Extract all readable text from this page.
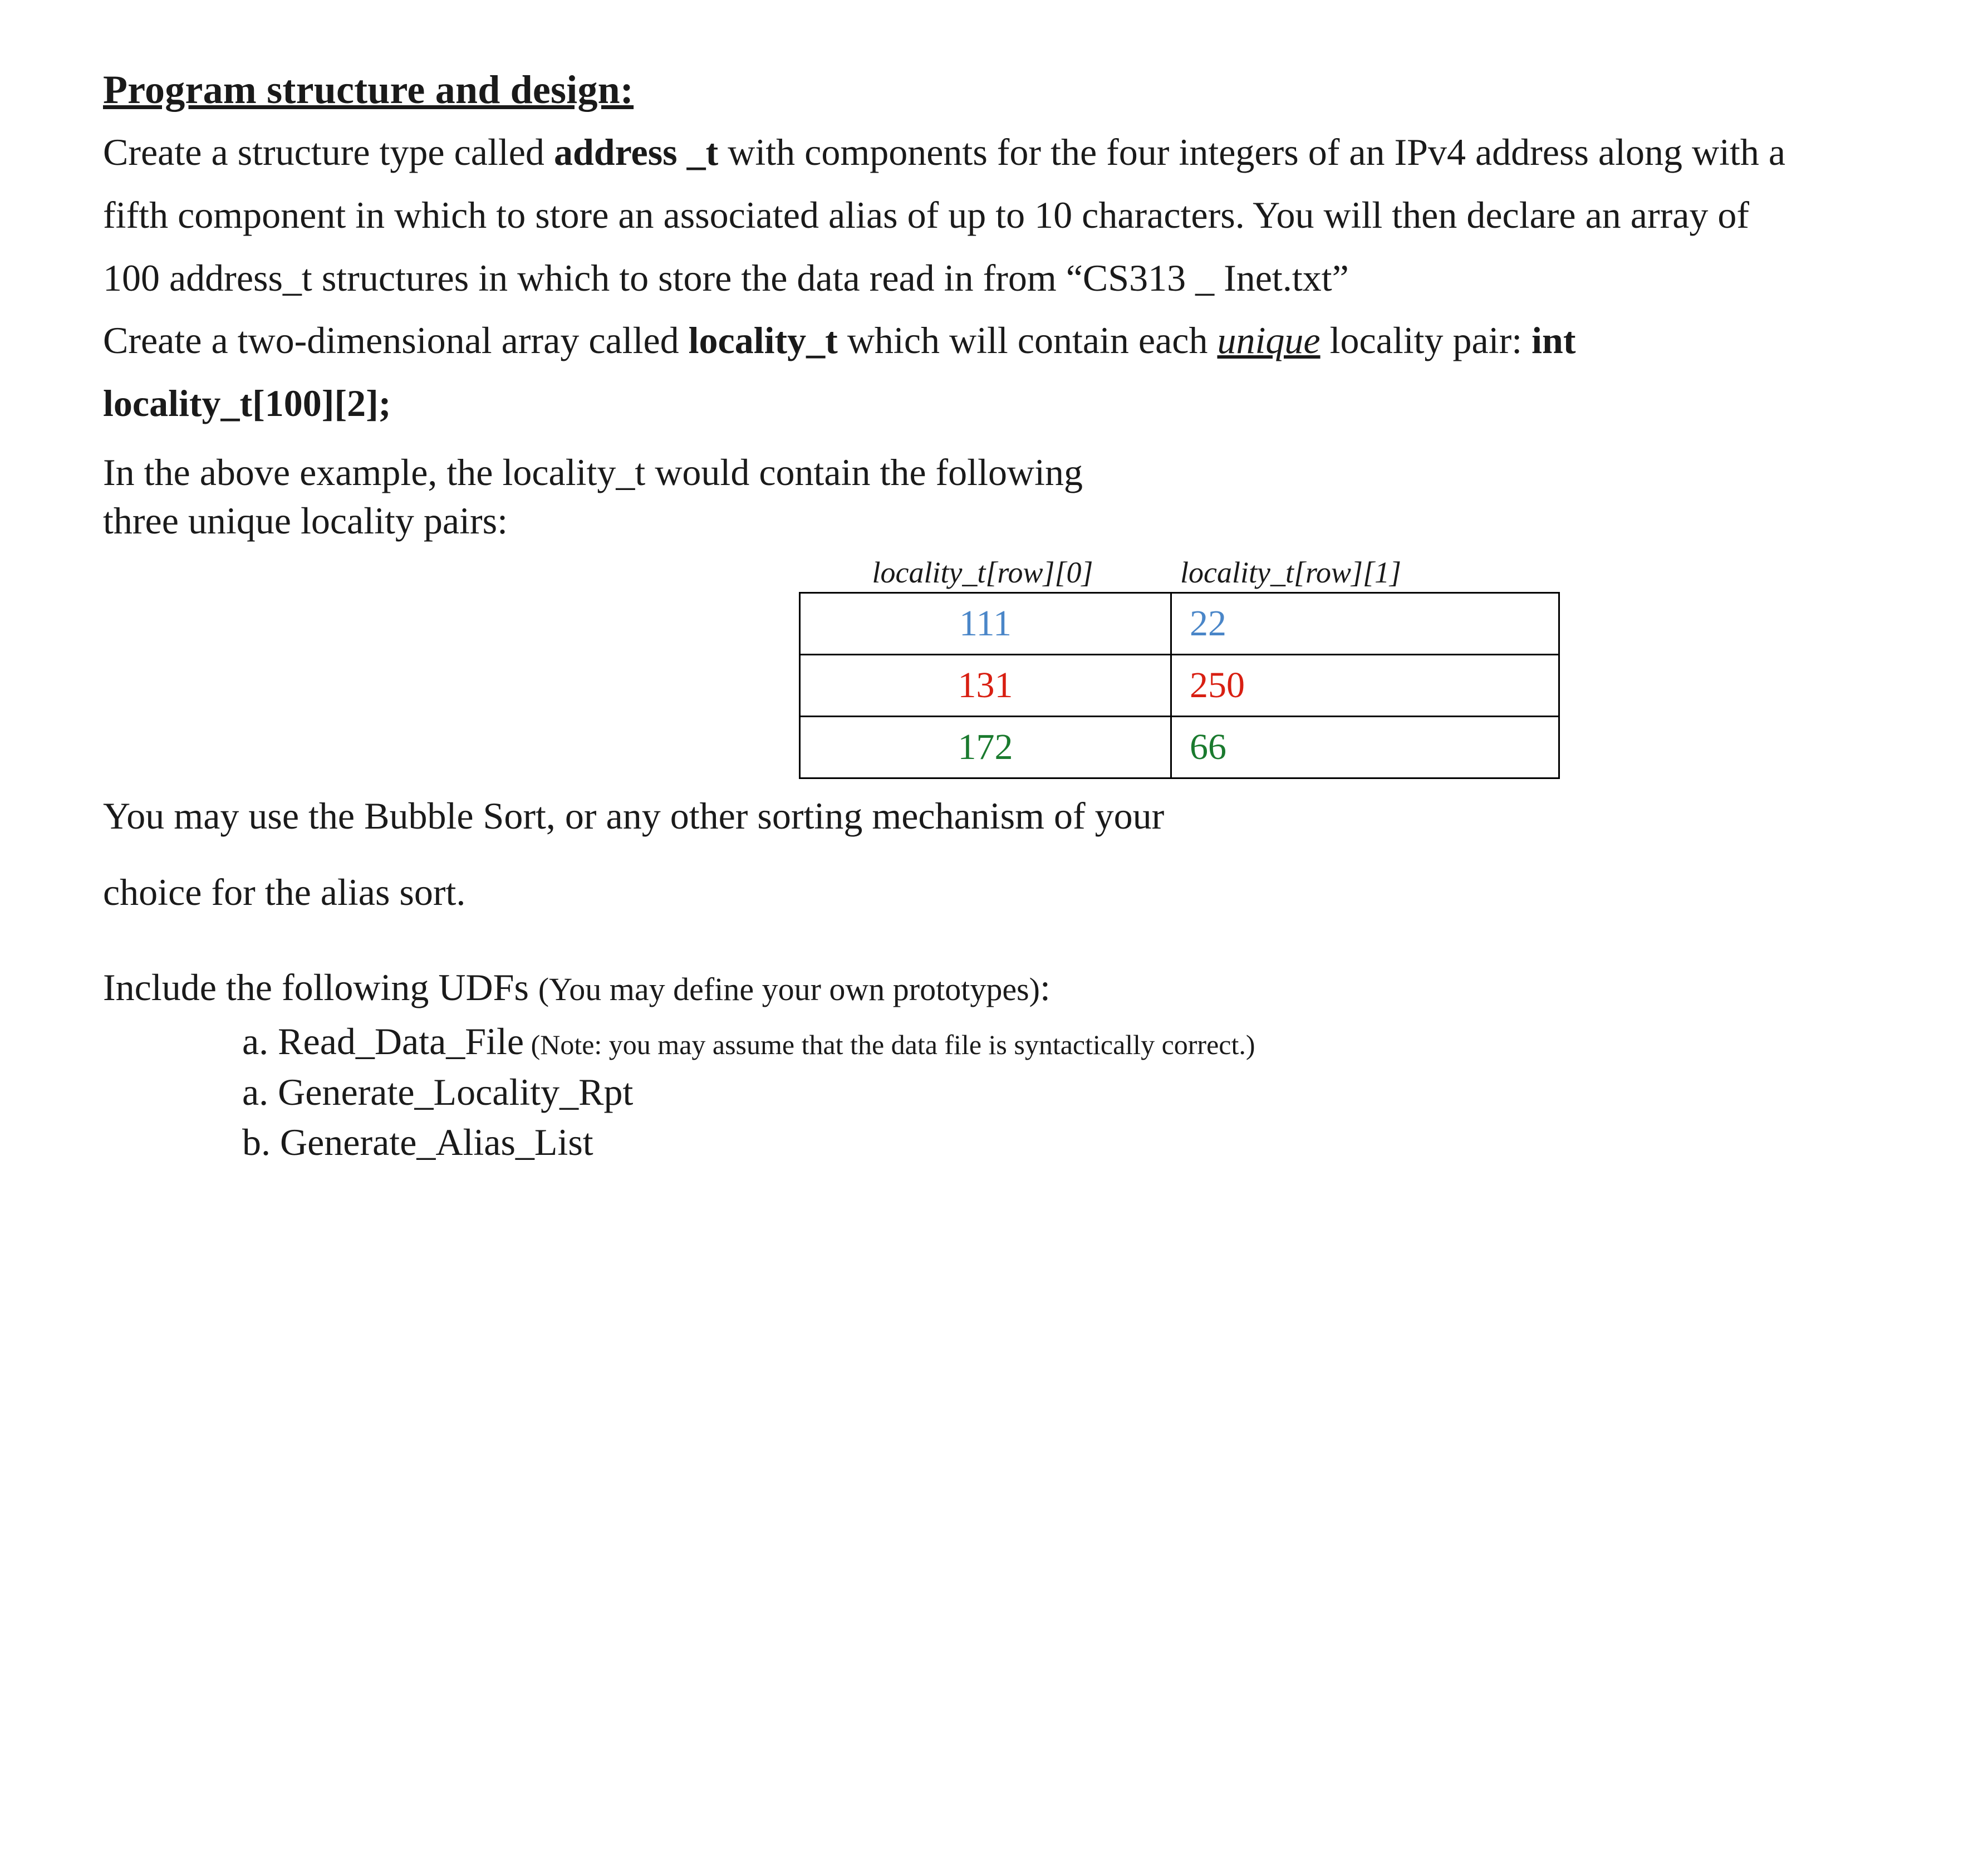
Program structure and design:

Create a structure type called address _t with components for the four integers of an IPv4 address along with a fifth component in which to store an associated alias of up to 10 characters. You will then declare an array of 100 address_t structures in which to store the data read in from “CS313 _ Inet.txt”

Create a two-dimensional array called locality_t which will contain each unique locality pair: int locality_t[100][2];

In the above example, the locality_t would contain the following
three unique locality pairs:

locality_t[row][0]	locality_t[row][1]
111	22
131	250
172	66

You may use the Bubble Sort, or any other sorting mechanism of your

choice for the alias sort.

Include the following UDFs (You may define your own prototypes):

a. Read_Data_File (Note: you may assume that the data file is syntactically correct.)
a. Generate_Locality_Rpt
b. Generate_Alias_List
